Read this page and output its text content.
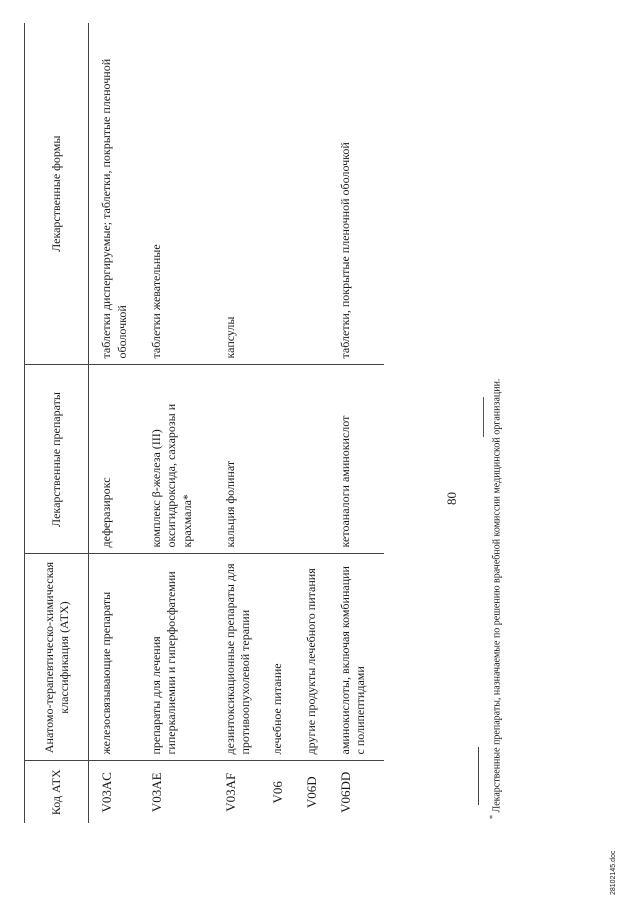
80
Код АТХ	Анатомо-терапевтическо-химическая классификация (АТХ)	Лекарственные препараты	Лекарственные формы
V03AC	железосвязывающие препараты	деферазирокс	таблетки диспергируемые; таблетки, покрытые пленочной оболочкой
V03AE	препараты для лечения гиперкалиемии и гиперфосфатемии	комплекс β-железа (III) оксигидроксида, сахарозы и крахмала*	таблетки жевательные
V03AF	дезинтоксикационные препараты для противоопухолевой терапии	кальция фолинат	капсулы
V06	лечебное питание		
V06D	другие продукты лечебного питания		
V06DD	аминокислоты, включая комбинации с полипептидами	кетоаналоги аминокислот	таблетки, покрытые пленочной оболочкой
* Лекарственные препараты, назначаемые по решению врачебной комиссии медицинской организации.
28102145.doc
